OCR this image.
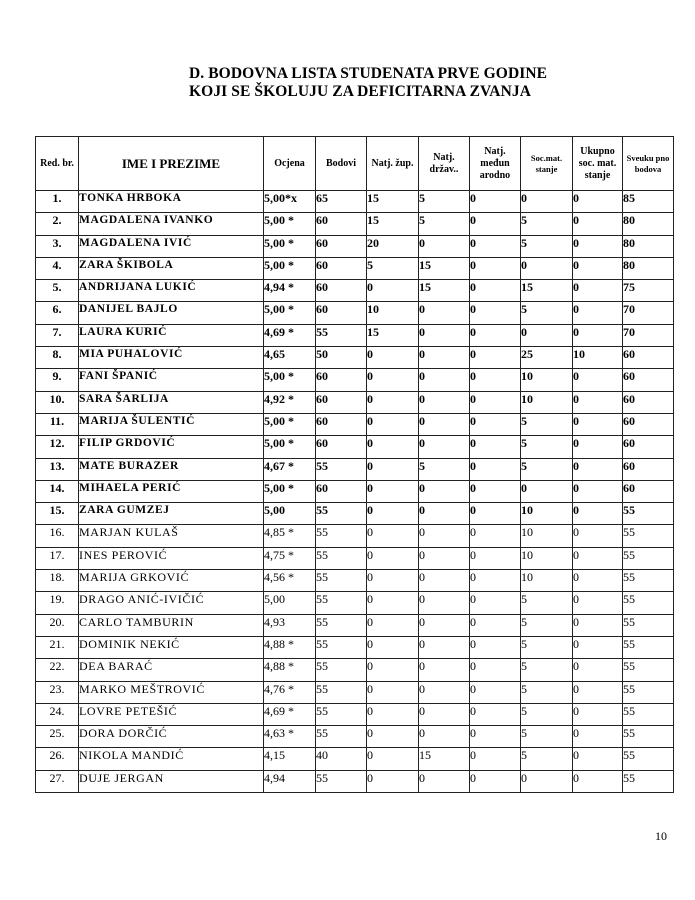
D. BODOVNA LISTA STUDENATA PRVE GODINE
KOJI SE ŠKOLUJU ZA DEFICITARNA ZVANJA
Red. br.	IME I PREZIME	Ocjena	Bodovi	Natj. žup.	Natj. držav..	Natj. međun arodno	Soc.mat. stanje	Ukupno soc. mat. stanje	Sveuku pno bodova
1.	TONKA HRBOKA	5,00*x	65	15	5	0	0	0	85
2.	MAGDALENA IVANKO	5,00 *	60	15	5	0	5	0	80
3.	MAGDALENA IVIĆ	5,00 *	60	20	0	0	5	0	80
4.	ZARA ŠKIBOLA	5,00 *	60	5	15	0	0	0	80
5.	ANDRIJANA LUKIĆ	4,94 *	60	0	15	0	15	0	75
6.	DANIJEL BAJLO	5,00 *	60	10	0	0	5	0	70
7.	LAURA KURIĆ	4,69 *	55	15	0	0	0	0	70
8.	MIA PUHALOVIĆ	4,65	50	0	0	0	25	10	60
9.	FANI ŠPANIĆ	5,00 *	60	0	0	0	10	0	60
10.	SARA ŠARLIJA	4,92 *	60	0	0	0	10	0	60
11.	MARIJA ŠULENTIĆ	5,00 *	60	0	0	0	5	0	60
12.	FILIP GRDOVIĆ	5,00 *	60	0	0	0	5	0	60
13.	MATE BURAZER	4,67 *	55	0	5	0	5	0	60
14.	MIHAELA PERIĆ	5,00 *	60	0	0	0	0	0	60
15.	ZARA GUMZEJ	5,00	55	0	0	0	10	0	55
16.	MARJAN KULAŠ	4,85 *	55	0	0	0	10	0	55
17.	INES PEROVIĆ	4,75 *	55	0	0	0	10	0	55
18.	MARIJA GRKOVIĆ	4,56 *	55	0	0	0	10	0	55
19.	DRAGO ANIĆ-IVIČIĆ	5,00	55	0	0	0	5	0	55
20.	CARLO TAMBURIN	4,93	55	0	0	0	5	0	55
21.	DOMINIK NEKIĆ	4,88 *	55	0	0	0	5	0	55
22.	DEA BARAĆ	4,88 *	55	0	0	0	5	0	55
23.	MARKO MEŠTROVIĆ	4,76 *	55	0	0	0	5	0	55
24.	LOVRE PETEŠIĆ	4,69 *	55	0	0	0	5	0	55
25.	DORA DORČIĆ	4,63 *	55	0	0	0	5	0	55
26.	NIKOLA MANDIĆ	4,15	40	0	15	0	5	0	55
27.	DUJE JERGAN	4,94	55	0	0	0	0	0	55
10
